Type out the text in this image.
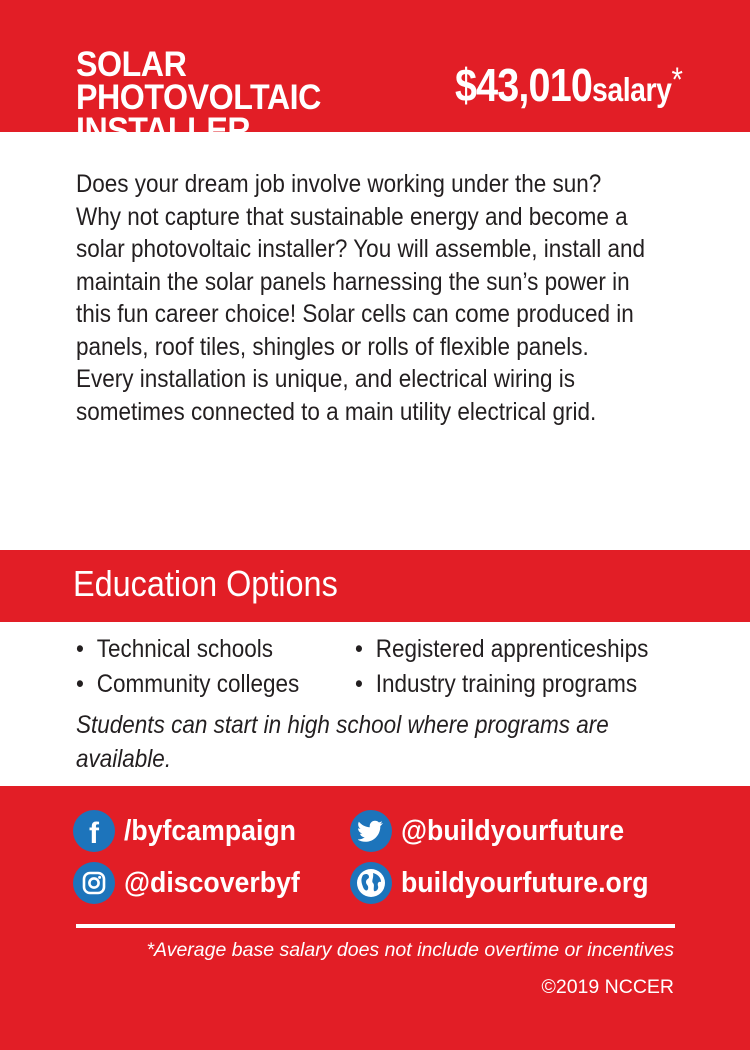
SOLAR PHOTOVOLTAIC
INSTALLER
$43,010salary*

Does your dream job involve working under the sun? Why not capture that sustainable energy and become a solar photovoltaic installer? You will assemble, install and maintain the solar panels harnessing the sun’s power in this fun career choice! Solar cells can come produced in panels, roof tiles, shingles or rolls of flexible panels. Every installation is unique, and electrical wiring is sometimes connected to a main utility electrical grid.

Education Options
• Technical schools
• Community colleges
• Registered apprenticeships
• Industry training programs

Students can start in high school where programs are available.

f /byfcampaign	@buildyourfuture
@discoverbyf	buildyourfuture.org
*Average base salary does not include overtime or incentives
©2019 NCCER
